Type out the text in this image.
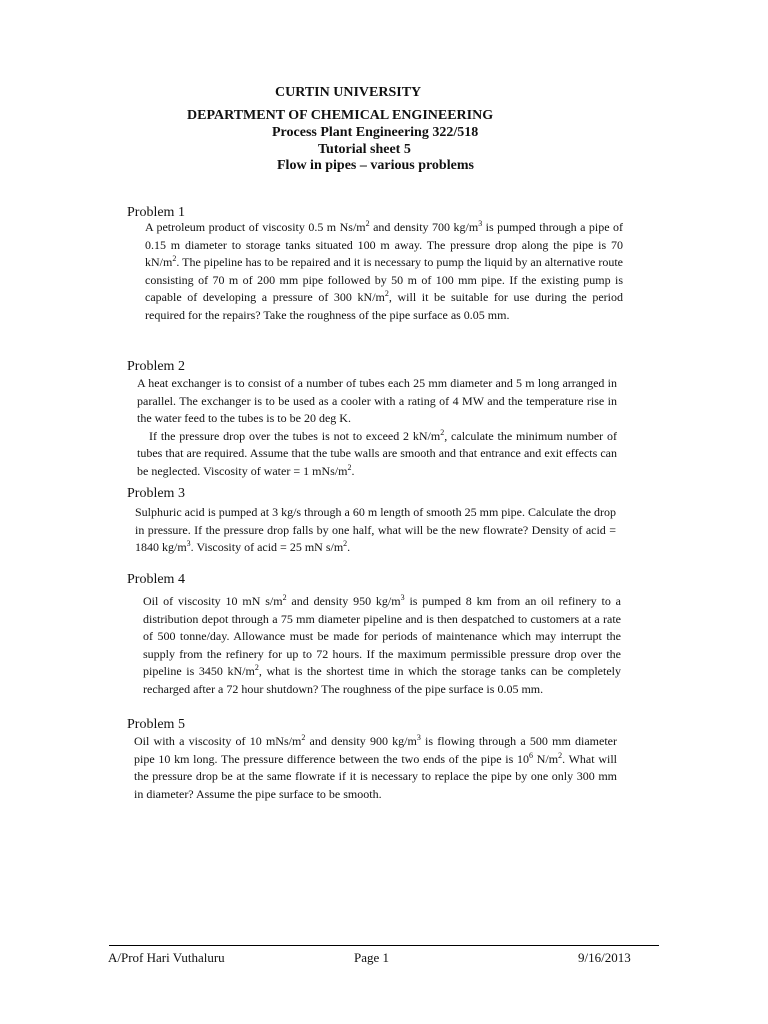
CURTIN UNIVERSITY
DEPARTMENT OF CHEMICAL ENGINEERING
Process Plant Engineering 322/518
Tutorial sheet 5
Flow in pipes – various problems
Problem 1
A petroleum product of viscosity 0.5 m $Ns/m^2$ and density 700 $kg/m^3$ is pumped through a pipe of 0.15 m diameter to storage tanks situated 100 m away. The pressure drop along the pipe is 70 $kN/m^2$. The pipeline has to be repaired and it is necessary to pump the liquid by an alternative route consisting of 70 m of 200 mm pipe followed by 50 m of 100 mm pipe. If the existing pump is capable of developing a pressure of 300 $kN/m^2$, will it be suitable for use during the period required for the repairs? Take the roughness of the pipe surface as 0.05 mm.
Problem 2
A heat exchanger is to consist of a number of tubes each 25 mm diameter and 5 m long arranged in parallel. The exchanger is to be used as a cooler with a rating of 4 MW and the temperature rise in the water feed to the tubes is to be 20 deg K.
If the pressure drop over the tubes is not to exceed 2 $kN/m^2$, calculate the minimum number of tubes that are required. Assume that the tube walls are smooth and that entrance and exit effects can be neglected. Viscosity of water = 1 mNs/$m^2$.
Problem 3
Sulphuric acid is pumped at 3 kg/s through a 60 m length of smooth 25 mm pipe. Calculate the drop in pressure. If the pressure drop falls by one half, what will be the new flowrate? Density of acid = 1840 $kg/m^3$. Viscosity of acid = 25 mN $s/m^2$.
Problem 4
Oil of viscosity 10 mN $s/m^2$ and density 950 $kg/m^3$ is pumped 8 km from an oil refinery to a distribution depot through a 75 mm diameter pipeline and is then despatched to customers at a rate of 500 tonne/day. Allowance must be made for periods of maintenance which may interrupt the supply from the refinery for up to 72 hours. If the maximum permissible pressure drop over the pipeline is 3450 $kN/m^2$, what is the shortest time in which the storage tanks can be completely recharged after a 72 hour shutdown? The roughness of the pipe surface is 0.05 mm.
Problem 5
Oil with a viscosity of 10 mNs/$m^2$ and density 900 $kg/m^3$ is flowing through a 500 mm diameter pipe 10 km long. The pressure difference between the two ends of the pipe is $10^6$ $N/m^2$. What will the pressure drop be at the same flowrate if it is necessary to replace the pipe by one only 300 mm in diameter? Assume the pipe surface to be smooth.
A/Prof Hari Vuthaluru	Page 1	9/16/2013
